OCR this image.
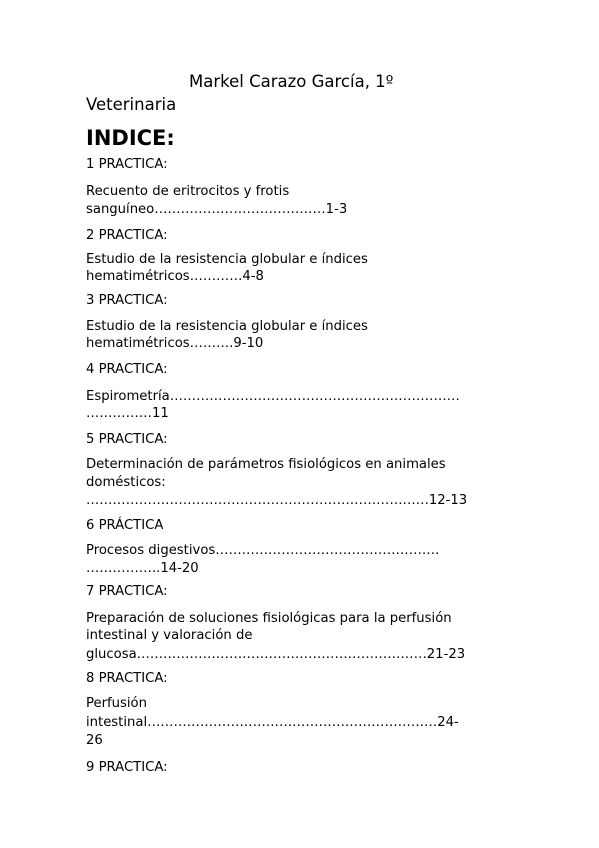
Markel Carazo García, 1º
Veterinaria
INDICE:
1 PRACTICA:
Recuento de eritrocitos y frotis
sanguíneo…………………………………1-3
2 PRACTICA:
Estudio de la resistencia globular e índices
hematimétricos…………4-8
3 PRACTICA:
Estudio de la resistencia globular e índices
hematimétricos……….9-10
4 PRACTICA:
Espirometría…………………………………………………………
……………11
5 PRACTICA:
Determinación de parámetros fisiológicos en animales
domésticos:
……………………………………………………………………12-13
6 PRÁCTICA
Procesos digestivos……………………………………………
……………..14-20
7 PRACTICA:
Preparación de soluciones fisiológicas para la perfusión
intestinal y valoración de
glucosa…………………………………………………………21-23
8 PRACTICA:
Perfusión
intestinal…………………………………………………………24-
26
9 PRACTICA:
